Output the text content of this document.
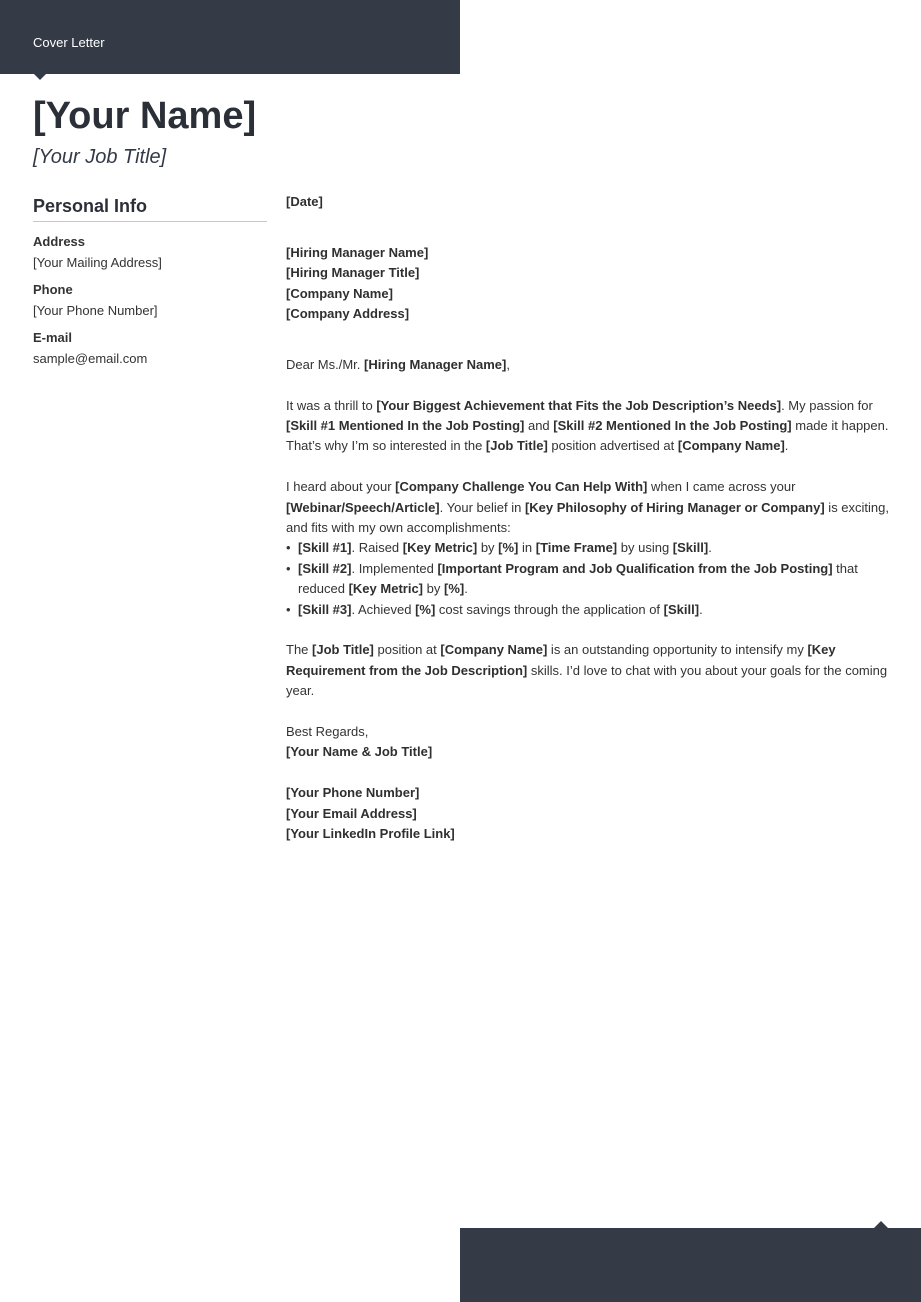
Cover Letter
[Your Name]
[Your Job Title]
Personal Info
Address
[Your Mailing Address]
Phone
[Your Phone Number]
E-mail
sample@email.com

[Date]

[Hiring Manager Name]

[Hiring Manager Title]

[Company Name]

[Company Address]

Dear Ms./Mr. [Hiring Manager Name],

It was a thrill to [Your Biggest Achievement that Fits the Job Description’s Needs]. My passion for [Skill #1 Mentioned In the Job Posting] and [Skill #2 Mentioned In the Job Posting] made it happen. That’s why I’m so interested in the [Job Title] position advertised at [Company Name].

I heard about your [Company Challenge You Can Help With] when I came across your [Webinar/Speech/Article]. Your belief in [Key Philosophy of Hiring Manager or Company] is exciting, and fits with my own accomplishments:

• [Skill #1]. Raised [Key Metric] by [%] in [Time Frame] by using [Skill].
• [Skill #2]. Implemented [Important Program and Job Qualification from the Job Posting] that reduced [Key Metric] by [%].
• [Skill #3]. Achieved [%] cost savings through the application of [Skill].

The [Job Title] position at [Company Name] is an outstanding opportunity to intensify my [Key Requirement from the Job Description] skills. I’d love to chat with you about your goals for the coming year.

Best Regards,

[Your Name & Job Title]

[Your Phone Number]

[Your Email Address]

[Your LinkedIn Profile Link]
